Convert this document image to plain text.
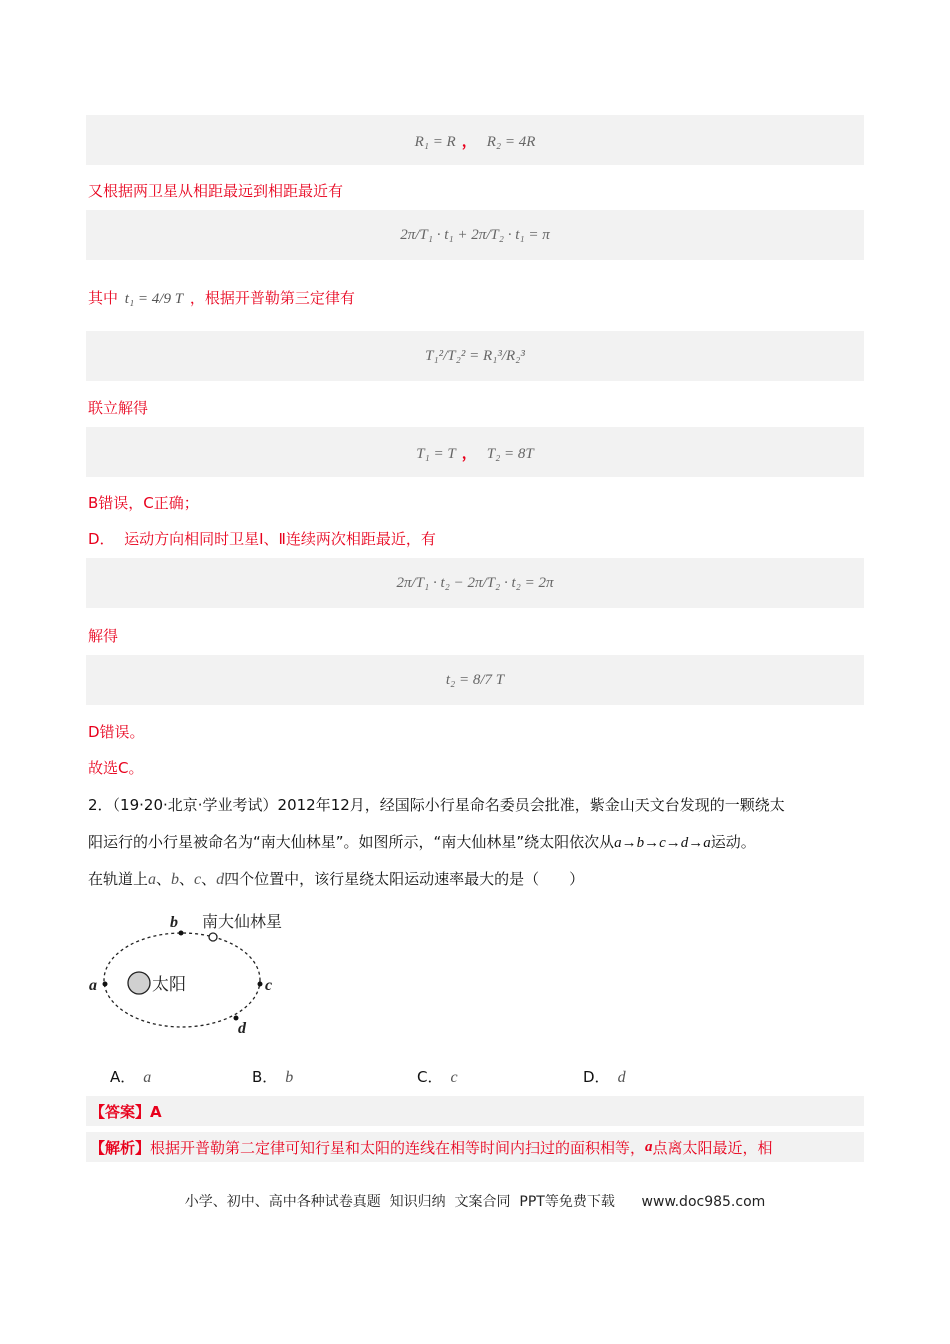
R₁ = R ， R₂ = 4R
又根据两卫星从相距最远到相距最近有
2π/T₁ · t₁ + 2π/T₂ · t₁ = π
其中 t₁ = 4/9 T ，根据开普勒第三定律有
T₁²/T₂² = R₁³/R₂³
联立解得
T₁ = T ， T₂ = 8T
B错误，C正确；
D． 运动方向相同时卫星Ⅰ、Ⅱ连续两次相距最近，有
2π/T₁ · t₂ − 2π/T₂ · t₂ = 2π
解得
t₂ = 8/7 T
D错误。
故选C。
2．（19·20·北京·学业考试）2012年12月，经国际小行星命名委员会批准，紫金山天文台发现的一颗绕太
阳运行的小行星被命名为“南大仙林星”。如图所示，“南大仙林星”绕太阳依次从a→b→c→d→a运动。
在轨道上a、b、c、d四个位置中，该行星绕太阳运动速率最大的是（　　）
太阳
a
b 南大仙林星
c
d
A． a	B． b	C． c	D． d
【答案】A
【解析】 根据开普勒第二定律可知行星和太阳的连线在相等时间内扫过的面积相等， a 点离太阳最近，相
小学、初中、高中各种试卷真题  知识归纳  文案合同  PPT等免费下载      www.doc985.com
